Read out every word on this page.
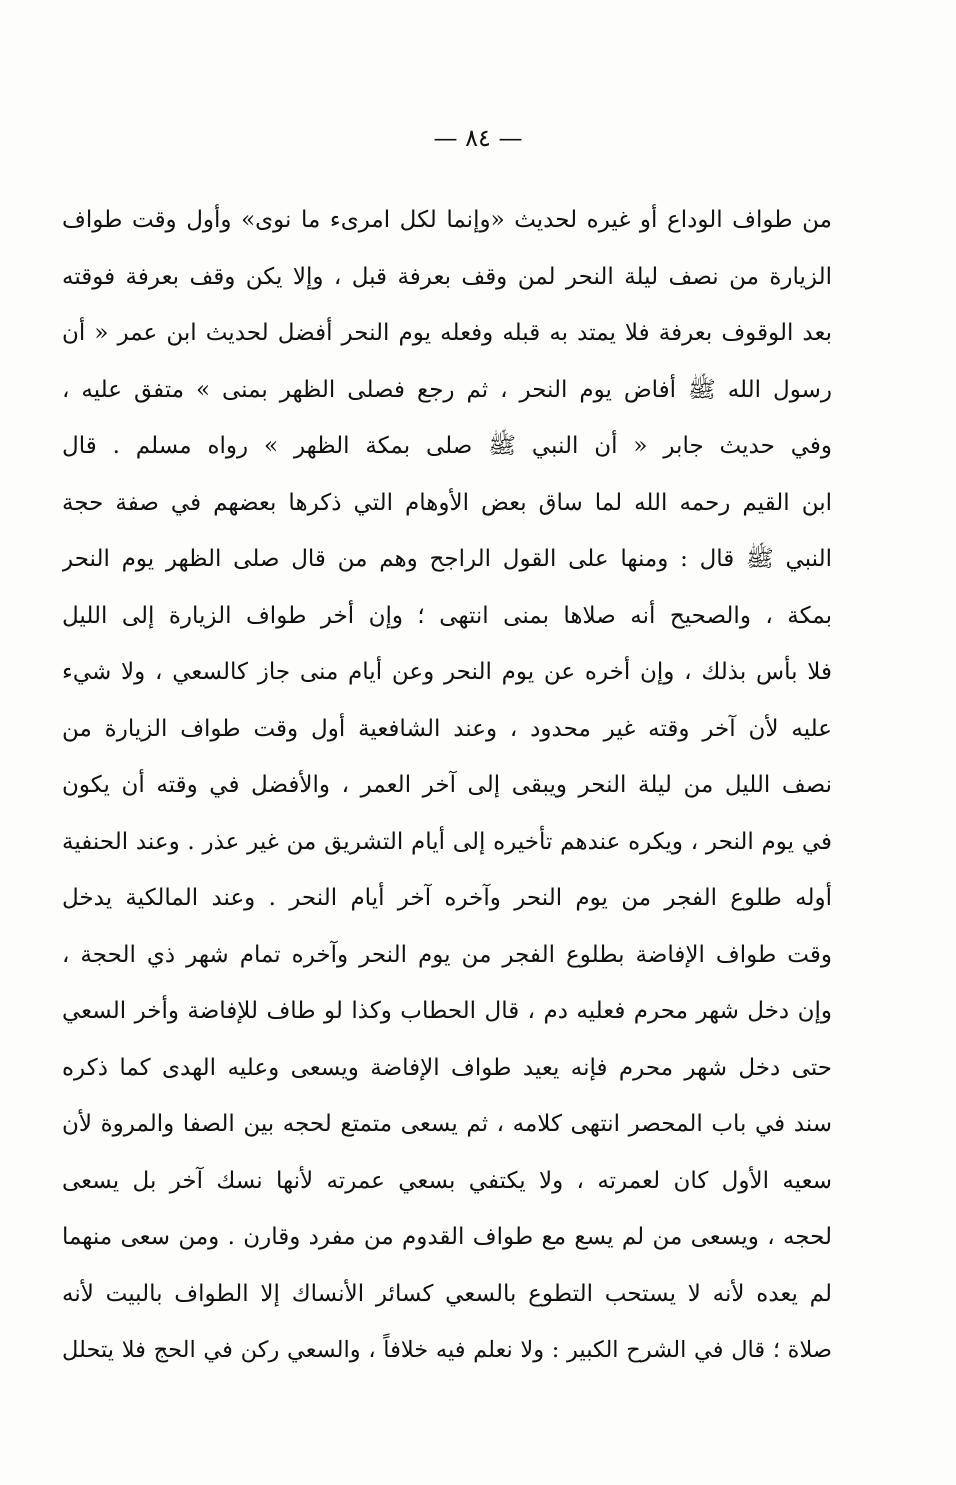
— ٨٤ —
من طواف الوداع أو غيره لحديث «وإنما لكل امرىء ما نوى» وأول وقت طواف
الزيارة من نصف ليلة النحر لمن وقف بعرفة قبل ، وإلا يكن وقف بعرفة فوقته
بعد الوقوف بعرفة فلا يمتد به قبله وفعله يوم النحر أفضل لحديث ابن عمر « أن
رسول الله ﷺ أفاض يوم النحر ، ثم رجع فصلى الظهر بمنى » متفق عليه ،
وفي حديث جابر « أن النبي ﷺ صلى بمكة الظهر » رواه مسلم . قال
ابن القيم رحمه الله لما ساق بعض الأوهام التي ذكرها بعضهم في صفة حجة
النبي ﷺ قال : ومنها على القول الراجح وهم من قال صلى الظهر يوم النحر
بمكة ، والصحيح أنه صلاها بمنى انتهى ؛ وإن أخر طواف الزيارة إلى الليل
فلا بأس بذلك ، وإن أخره عن يوم النحر وعن أيام منى جاز كالسعي ، ولا شيء
عليه لأن آخر وقته غير محدود ، وعند الشافعية أول وقت طواف الزيارة من
نصف الليل من ليلة النحر ويبقى إلى آخر العمر ، والأفضل في وقته أن يكون
في يوم النحر ، ويكره عندهم تأخيره إلى أيام التشريق من غير عذر . وعند الحنفية
أوله طلوع الفجر من يوم النحر وآخره آخر أيام النحر . وعند المالكية يدخل
وقت طواف الإفاضة بطلوع الفجر من يوم النحر وآخره تمام شهر ذي الحجة ،
وإن دخل شهر محرم فعليه دم ، قال الحطاب وكذا لو طاف للإفاضة وأخر السعي
حتى دخل شهر محرم فإنه يعيد طواف الإفاضة ويسعى وعليه الهدى كما ذكره
سند في باب المحصر انتهى كلامه ، ثم يسعى متمتع لحجه بين الصفا والمروة لأن
سعيه الأول كان لعمرته ، ولا يكتفي بسعي عمرته لأنها نسك آخر بل يسعى
لحجه ، ويسعى من لم يسع مع طواف القدوم من مفرد وقارن . ومن سعى منهما
لم يعده لأنه لا يستحب التطوع بالسعي كسائر الأنساك إلا الطواف بالبيت لأنه
صلاة ؛ قال في الشرح الكبير : ولا نعلم فيه خلافاً ، والسعي ركن في الحج فلا يتحلل
